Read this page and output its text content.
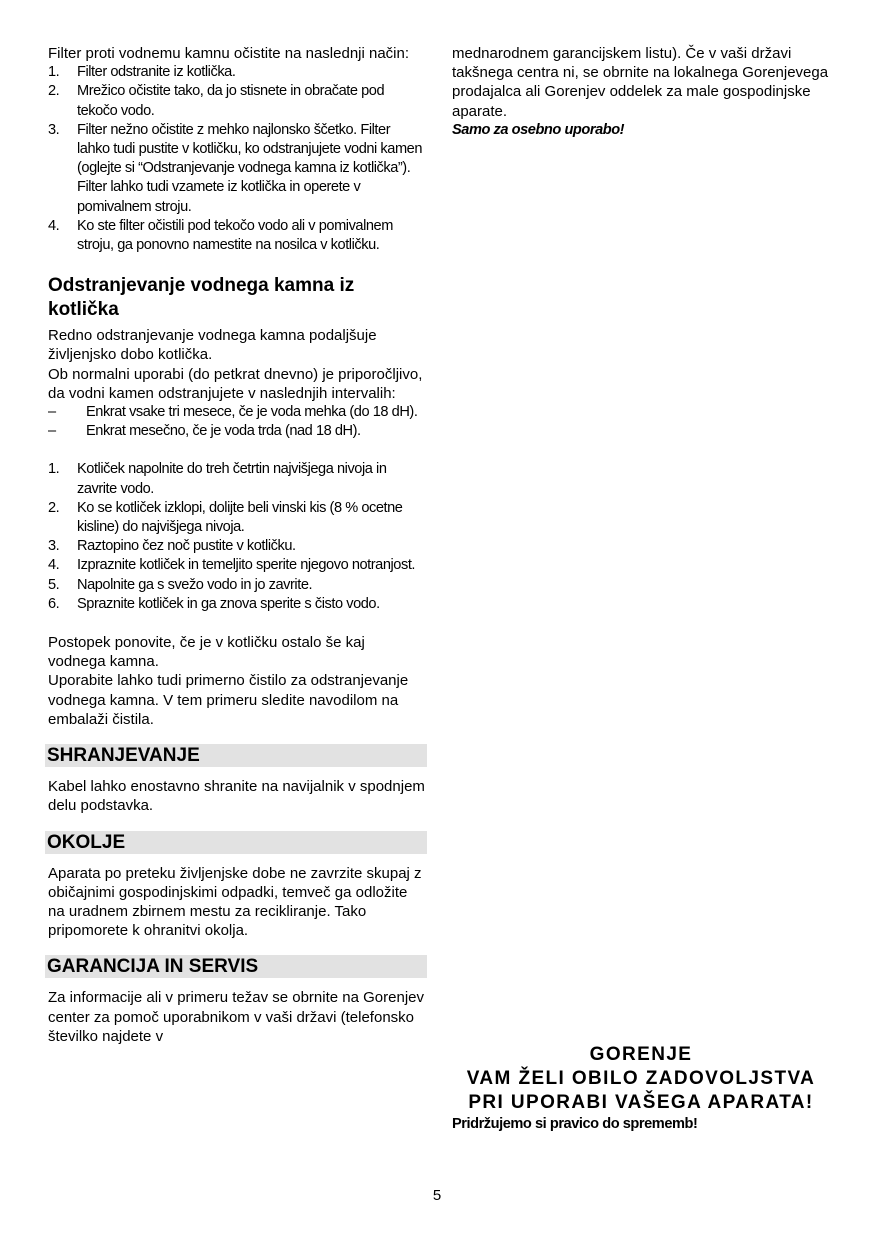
Filter proti vodnemu kamnu očistite na naslednji način:

1. Filter odstranite iz kotlička.
2. Mrežico očistite tako, da jo stisnete in obračate pod tekočo vodo.
3. Filter nežno očistite z mehko najlonsko ščetko. Filter lahko tudi pustite v kotličku, ko odstranjujete vodni kamen (oglejte si “Odstranjevanje vodnega kamna iz kotlička”). Filter lahko tudi vzamete iz kotlička in operete v pomivalnem stroju.
4. Ko ste filter očistili pod tekočo vodo ali v pomivalnem stroju, ga ponovno namestite na nosilca v kotličku.
Odstranjevanje vodnega kamna iz kotlička

Redno odstranjevanje vodnega kamna podaljšuje življenjsko dobo kotlička.

Ob normalni uporabi (do petkrat dnevno) je priporočljivo, da vodni kamen odstranjujete v naslednjih intervalih:

– Enkrat vsake tri mesece, če je voda mehka (do 18 dH).
– Enkrat mesečno, če je voda trda (nad 18 dH).
1. Kotliček napolnite do treh četrtin najvišjega nivoja in zavrite vodo.
2. Ko se kotliček izklopi, dolijte beli vinski kis (8 % ocetne kisline) do najvišjega nivoja.
3. Raztopino čez noč pustite v kotličku.
4. Izpraznite kotliček in temeljito sperite njegovo notranjost.
5. Napolnite ga s svežo vodo in jo zavrite.
6. Spraznite kotliček in ga znova sperite s čisto vodo.

Postopek ponovite, če je v kotličku ostalo še kaj vodnega kamna.

Uporabite lahko tudi primerno čistilo za odstranjevanje vodnega kamna. V tem primeru sledite navodilom na embalaži čistila.

SHRANJEVANJE

Kabel lahko enostavno shranite na navijalnik v spodnjem delu podstavka.

OKOLJE

Aparata po preteku življenjske dobe ne zavrzite skupaj z običajnimi gospodinjskimi odpadki, temveč ga odložite na uradnem zbirnem mestu za recikliranje. Tako pripomorete k ohranitvi okolja.

GARANCIJA IN SERVIS

Za informacije ali v primeru težav se obrnite na Gorenjev center za pomoč uporabnikom v vaši državi (telefonsko številko najdete v

mednarodnem garancijskem listu). Če v vaši državi takšnega centra ni, se obrnite na lokalnega Gorenjevega prodajalca ali Gorenjev oddelek za male gospodinjske aparate.

Samo za osebno uporabo!

GORENJE
VAM ŽELI OBILO ZADOVOLJSTVA
PRI UPORABI VAŠEGA APARATA!
Pridržujemo si pravico do sprememb!
5
